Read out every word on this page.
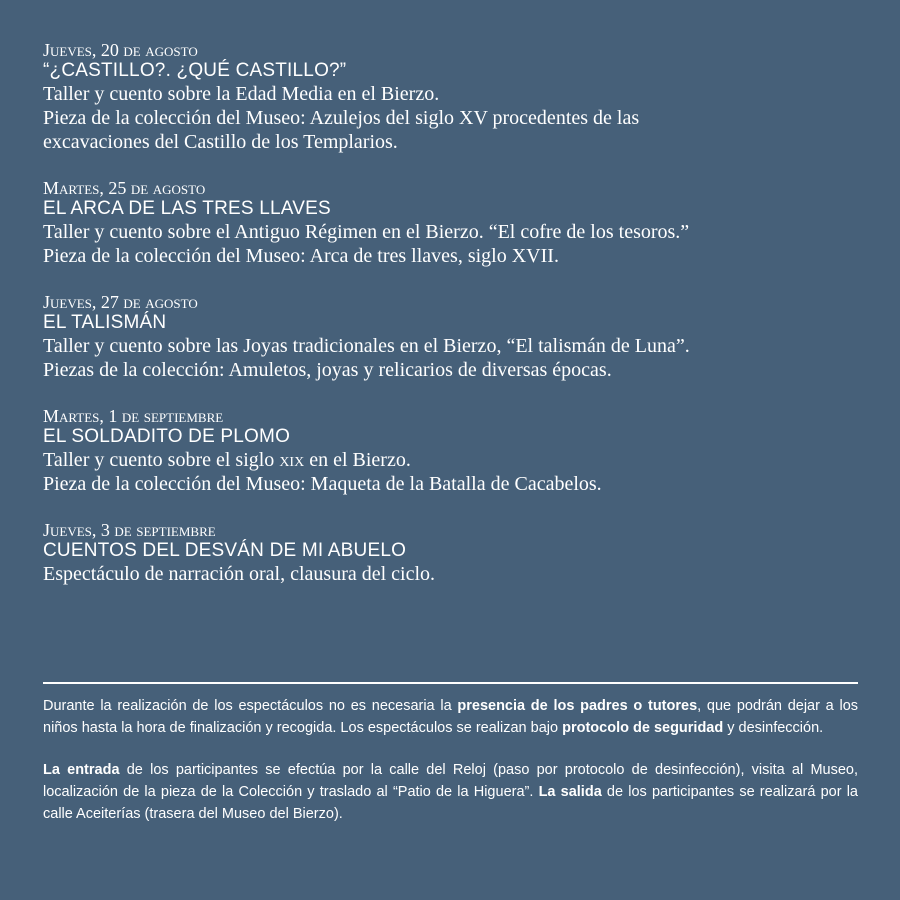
Jueves, 20 de agosto
“¿CASTILLO?. ¿QUÉ CASTILLO?”
Taller y cuento sobre la Edad Media en el Bierzo.
Pieza de la colección del Museo: Azulejos del siglo XV procedentes de las
excavaciones del Castillo de los Templarios.
Martes, 25 de agosto
EL ARCA DE LAS TRES LLAVES
Taller y cuento sobre el Antiguo Régimen en el Bierzo. “El cofre de los tesoros.”
Pieza de la colección del Museo: Arca de tres llaves, siglo XVII.
Jueves, 27 de agosto
EL TALISMÁN
Taller y cuento sobre las Joyas tradicionales en el Bierzo, “El talismán de Luna”.
Piezas de la colección: Amuletos, joyas y relicarios de diversas épocas.
Martes, 1 de septiembre
EL SOLDADITO DE PLOMO
Taller y cuento sobre el siglo xix en el Bierzo.
Pieza de la colección del Museo: Maqueta de la Batalla de Cacabelos.
Jueves, 3 de septiembre
CUENTOS DEL DESVÁN DE MI ABUELO
Espectáculo de narración oral, clausura del ciclo.

Durante la realización de los espectáculos no es necesaria la presencia de los padres o tutores, que podrán dejar a los niños hasta la hora de finalización y recogida. Los espectáculos se realizan bajo protocolo de seguridad y desinfección.

La entrada de los participantes se efectúa por la calle del Reloj (paso por protocolo de desinfección), visita al Museo, localización de la pieza de la Colección y traslado al “Patio de la Higuera”. La salida de los participantes se realizará por la calle Aceiterías (trasera del Museo del Bierzo).
